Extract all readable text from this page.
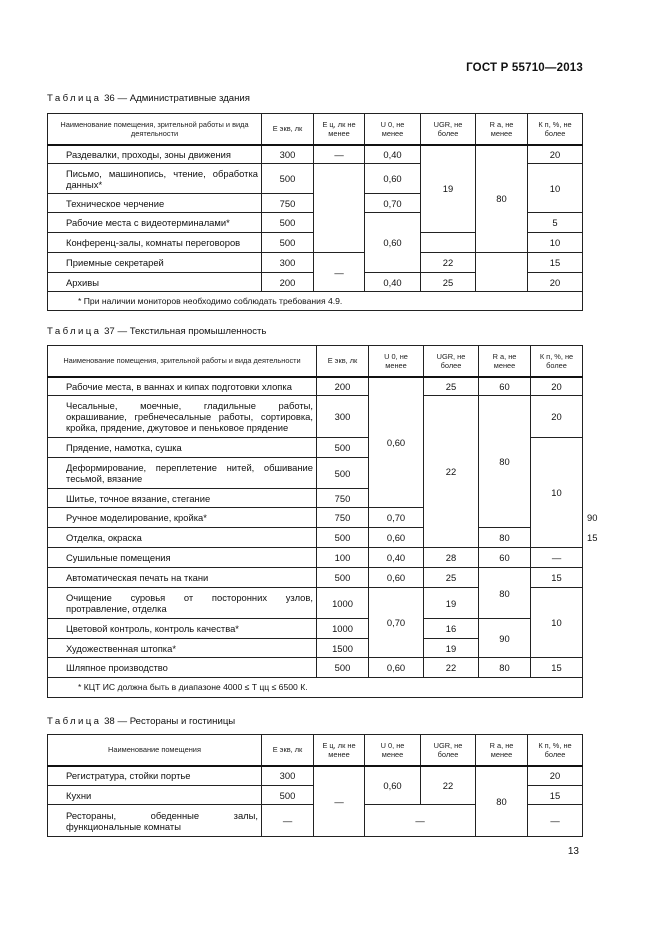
ГОСТ Р 55710—2013
Таблица 36 — Административные здания
Наименование помещения, зрительной работы и вида деятельности	Е экв, лк	Е ц, лк не менее	U 0, не менее	UGR, не более	R а, не менее	К п, %, не более
Раздевалки, проходы, зоны движения	300	—	0,40	19	80	20
Письмо, машинопись, чтение, обработка данных*	500		0,60			10
Техническое черчение	750		0,70			
Рабочие места с видеотерминалами*	500		0,60			5
Конференц-залы, комнаты переговоров	500					10
Приемные секретарей	300	—		22		15
Архивы	200		0,40	25		20
* При наличии мониторов необходимо соблюдать требования 4.9.						
Таблица 37 — Текстильная промышленность
Наименование помещения, зрительной работы и вида деятельности	Е экв, лк	U 0, не менее	UGR, не более	R а, не менее	К п, %, не более	
Рабочие места, в ваннах и кипах подготовки хлопка	200	0,60	25	60	20	
Чесальные, моечные, гладильные работы, окрашивание, гребнечесальные работы, сортировка, кройка, прядение, джутовое и пеньковое прядение	300		22	80	20	
Прядение, намотка, сушка	500				10	
Деформирование, переплетение нитей, обшивание тесьмой, вязание	500					
Шитье, точное вязание, стегание	750					
Ручное моделирование, кройка*	750	0,70				90
Отделка, окраска	500	0,60		80		15
Сушильные помещения	100	0,40	28	60	—	
Автоматическая печать на ткани	500	0,60	25	80	15	
Очищение суровья от посторонних узлов, протравление, отделка	1000	0,70	19		10	
Цветовой контроль, контроль качества*	1000		16	90		
Художественная штопка*	1500		19			
Шляпное производство	500	0,60	22	80	15	
* КЦТ ИС должна быть в диапазоне 4000 ≤ Т цц ≤ 6500 К.						
Таблица 38 — Рестораны и гостиницы
Наименование помещения	Е экв, лк	Е ц, лк не менее	U 0, не менее	UGR, не более	R а, не менее	К п, %, не более
Регистратура, стойки портье	300	—	0,60	22	80	20
Кухни	500					15
Рестораны, обеденные залы, функциональные комнаты	—		—			—
13
